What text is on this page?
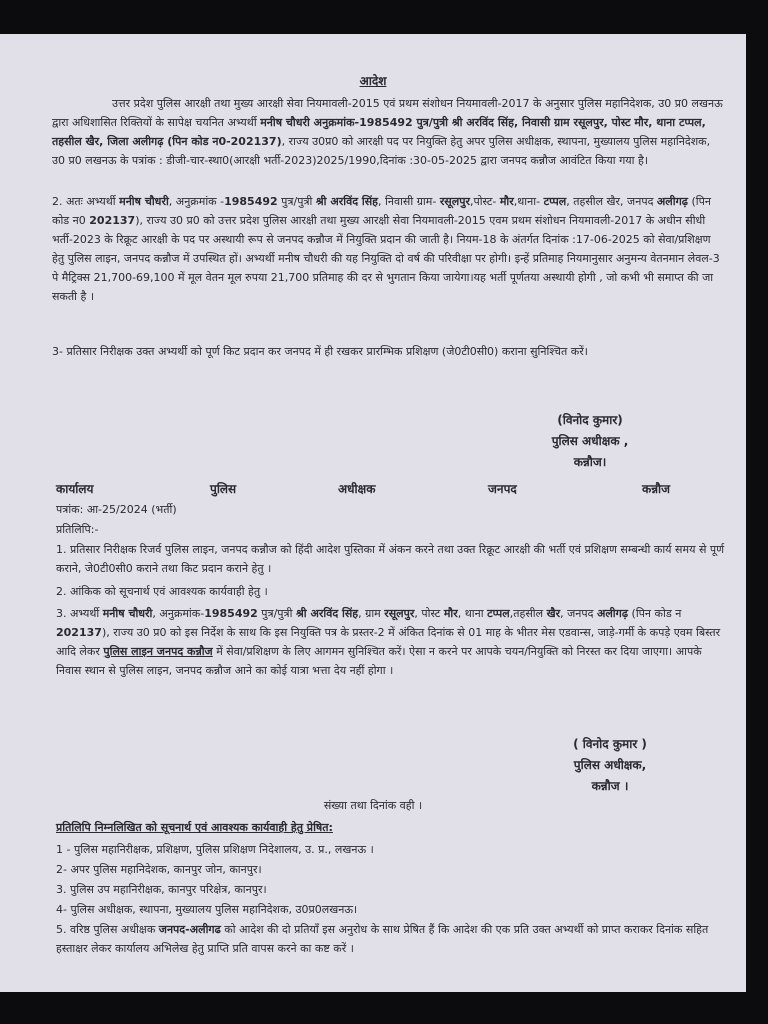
आदेश
उत्तर प्रदेश पुलिस आरक्षी तथा मुख्य आरक्षी सेवा नियमावली-2015 एवं प्रथम संशोधन नियमावली-2017 के अनुसार पुलिस महानिदेशक, उ0 प्र0 लखनऊ द्वारा अधिशासित रिक्तियों के सापेक्ष चयनित अभ्यर्थी मनीष चौधरी अनुक्रमांक-1985492 पुत्र/पुत्री श्री अरविंद सिंह, निवासी ग्राम रसूलपुर, पोस्ट मौर, थाना टप्पल, तहसील खैर, जिला अलीगढ़ (पिन कोड न0-202137), राज्य उ0प्र0 को आरक्षी पद पर नियुक्ति हेतु अपर पुलिस अधीक्षक, स्थापना, मुख्यालय पुलिस महानिदेशक, उ0 प्र0 लखनऊ के पत्रांक : डीजी-चार-स्था0(आरक्षी भर्ती-2023)2025/1990,दिनांक :30-05-2025 द्वारा जनपद कन्नौज आवंटित किया गया है।
2. अतः अभ्यर्थी मनीष चौधरी, अनुक्रमांक -1985492 पुत्र/पुत्री श्री अरविंद सिंह, निवासी ग्राम- रसूलपुर,पोस्ट- मौर,थाना- टप्पल, तहसील खैर, जनपद अलीगढ़ (पिन कोड न0 202137), राज्य उ0 प्र0 को उत्तर प्रदेश पुलिस आरक्षी तथा मुख्य आरक्षी सेवा नियमावली-2015 एवम प्रथम संशोधन नियमावली-2017 के अधीन सीधी भर्ती-2023 के रिक्रूट आरक्षी के पद पर अस्थायी रूप से जनपद कन्नौज में नियुक्ति प्रदान की जाती है। नियम-18 के अंतर्गत दिनांक :17-06-2025 को सेवा/प्रशिक्षण हेतु पुलिस लाइन, जनपद कन्नौज में उपस्थित हों। अभ्यर्थी मनीष चौधरी की यह नियुक्ति दो वर्ष की परिवीक्षा पर होगी। इन्हें प्रतिमाह नियमानुसार अनुमन्य वेतनमान लेवल-3 पे मैट्रिक्स 21,700-69,100 में मूल वेतन मूल रुपया 21,700 प्रतिमाह की दर से भुगतान किया जायेगा।यह भर्ती पूर्णतया अस्थायी होगी , जो कभी भी समाप्त की जा सकती है ।
3- प्रतिसार निरीक्षक उक्त अभ्यर्थी को पूर्ण किट प्रदान कर जनपद में ही रखकर प्रारम्भिक प्रशिक्षण (जे0टी0सी0) कराना सुनिश्चित करें।
(विनोद कुमार)
पुलिस अधीक्षक ,
कन्नौज।
कार्यालय	पुलिस	अधीक्षक	जनपद	कन्नौज
पत्रांक: आ-25/2024 (भर्ती)
प्रतिलिपि:-
1. प्रतिसार निरीक्षक रिजर्व पुलिस लाइन, जनपद कन्नौज को हिंदी आदेश पुस्तिका में अंकन करने तथा उक्त रिक्रूट आरक्षी की भर्ती एवं प्रशिक्षण सम्बन्धी कार्य समय से पूर्ण कराने, जे0टी0सी0 कराने तथा किट प्रदान कराने हेतु ।
2. आंकिक को सूचनार्थ एवं आवश्यक कार्यवाही हेतु ।
3. अभ्यर्थी मनीष चौधरी, अनुक्रमांक-1985492 पुत्र/पुत्री श्री अरविंद सिंह, ग्राम रसूलपुर, पोस्ट मौर, थाना टप्पल,तहसील खैर, जनपद अलीगढ़ (पिन कोड न 202137), राज्य उ0 प्र0 को इस निर्देश के साथ कि इस नियुक्ति पत्र के प्रस्तर-2 में अंकित दिनांक से 01 माह के भीतर मेस एडवान्स, जाड़े-गर्मी के कपड़े एवम बिस्तर आदि लेकर पुलिस लाइन जनपद कन्नौज में सेवा/प्रशिक्षण के लिए आगमन सुनिश्चित करें। ऐसा न करने पर आपके चयन/नियुक्ति को निरस्त कर दिया जाएगा। आपके निवास स्थान से पुलिस लाइन, जनपद कन्नौज आने का कोई यात्रा भत्ता देय नहीं होगा ।
( विनोद कुमार )
पुलिस अधीक्षक,
कन्नौज ।
संख्या तथा दिनांक वही ।
प्रतिलिपि निम्नलिखित को सूचनार्थ एवं आवश्यक कार्यवाही हेतु प्रेषित:
1 - पुलिस महानिरीक्षक, प्रशिक्षण, पुलिस प्रशिक्षण निदेशालय, उ. प्र., लखनऊ ।
2- अपर पुलिस महानिदेशक, कानपुर जोन, कानपुर।
3. पुलिस उप महानिरीक्षक, कानपुर परिक्षेत्र, कानपुर।
4- पुलिस अधीक्षक, स्थापना, मुख्यालय पुलिस महानिदेशक, उ0प्र0लखनऊ।
5. वरिष्ठ पुलिस अधीक्षक जनपद-अलीगढ को आदेश की दो प्रतियाँ इस अनुरोध के साथ प्रेषित हैं कि आदेश की एक प्रति उक्त अभ्यर्थी को प्राप्त कराकर दिनांक सहित हस्ताक्षर लेकर कार्यालय अभिलेख हेतु प्राप्ति प्रति वापस करने का कष्ट करें ।
